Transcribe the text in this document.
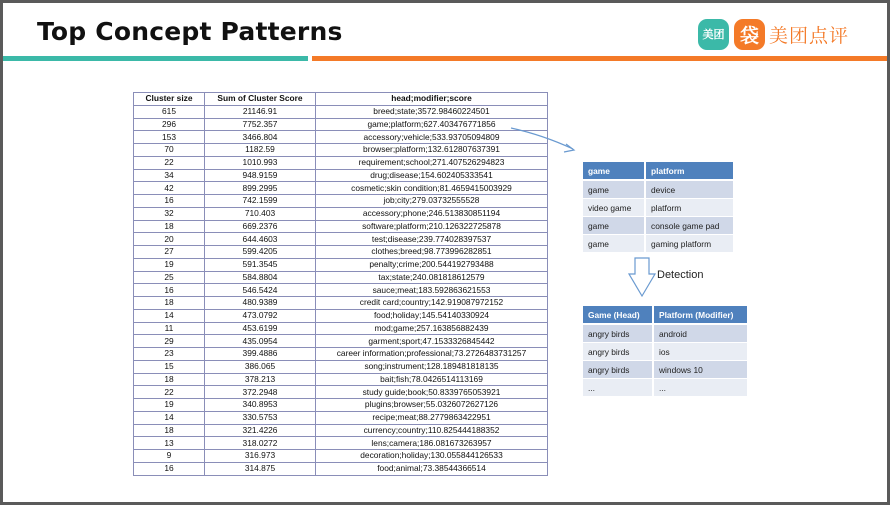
Top Concept Patterns	美团 袋 美团点评
Cluster size	Sum of Cluster Score	head;modifier;score
615	21146.91	breed;state;3572.98460224501
296	7752.357	game;platform;627.403476771856
153	3466.804	accessory;vehicle;533.93705094809
70	1182.59	browser;platform;132.612807637391
22	1010.993	requirement;school;271.407526294823
34	948.9159	drug;disease;154.602405333541
42	899.2995	cosmetic;skin condition;81.4659415003929
16	742.1599	job;city;279.03732555528
32	710.403	accessory;phone;246.513830851194
18	669.2376	software;platform;210.126322725878
20	644.4603	test;disease;239.774028397537
27	599.4205	clothes;breed;98.773996282851
19	591.3545	penalty;crime;200.544192793488
25	584.8804	tax;state;240.081818612579
16	546.5424	sauce;meat;183.592863621553
18	480.9389	credit card;country;142.919087972152
14	473.0792	food;holiday;145.54140330924
11	453.6199	mod;game;257.163856882439
29	435.0954	garment;sport;47.1533326845442
23	399.4886	career information;professional;73.2726483731257
15	386.065	song;instrument;128.189481818135
18	378.213	bait;fish;78.0426514113169
22	372.2948	study guide;book;50.8339765053921
19	340.8953	plugins;browser;55.0326072627126
14	330.5753	recipe;meat;88.2779863422951
18	321.4226	currency;country;110.825444188352
13	318.0272	lens;camera;186.081673263957
9	316.973	decoration;holiday;130.055844126533
16	314.875	food;animal;73.38544366514
game	platform
game	device
video game	platform
game	console game pad
game	gaming platform
Detection
Game (Head)	Platform (Modifier)
angry birds	android
angry birds	ios
angry birds	windows 10
...	...
